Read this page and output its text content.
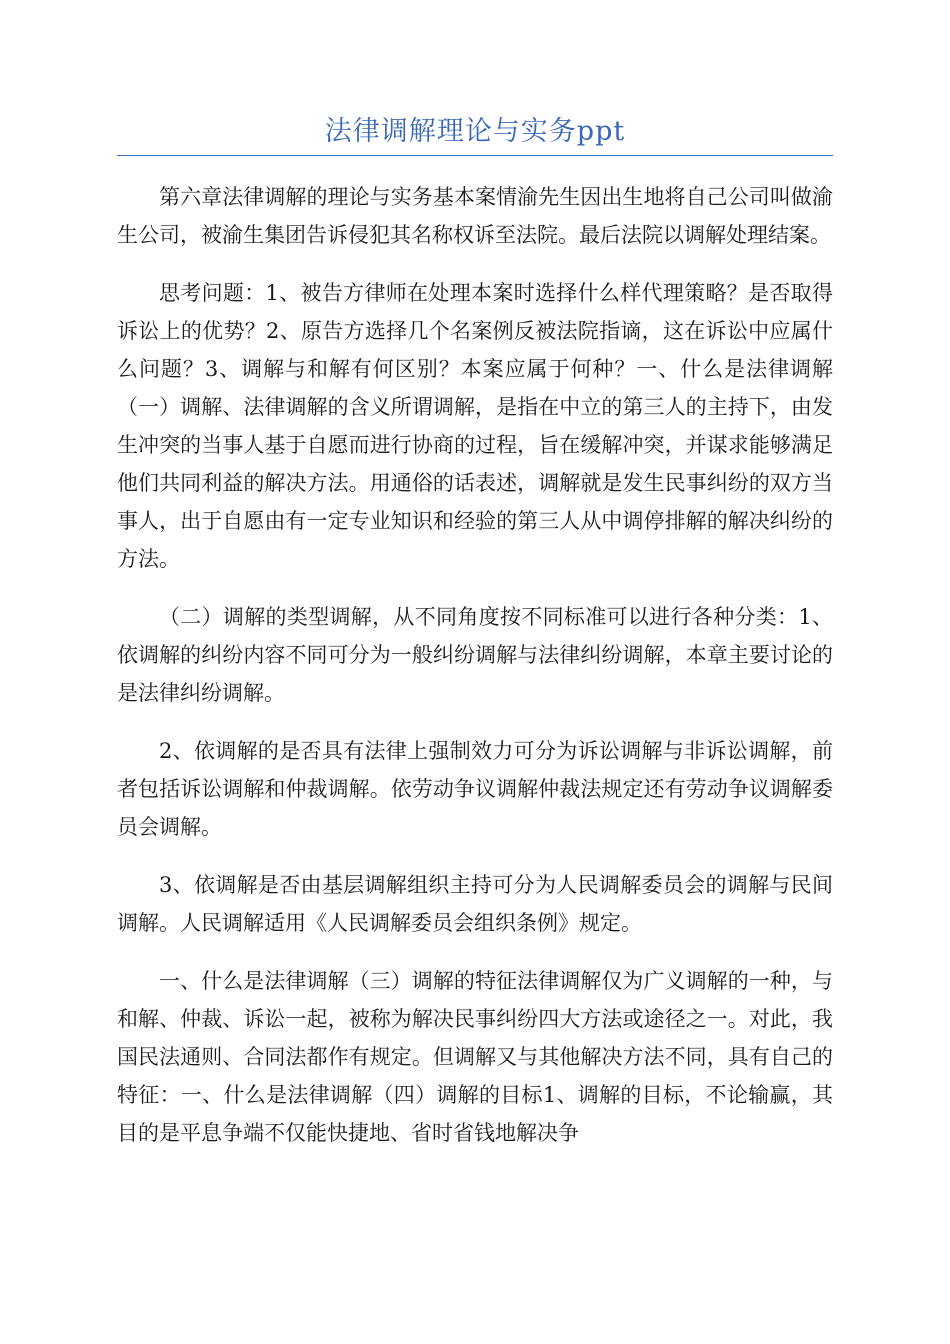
法律调解理论与实务ppt

第六章法律调解的理论与实务基本案情渝先生因出生地将自己公司叫做渝生公司，被渝生集团告诉侵犯其名称权诉至法院。最后法院以调解处理结案。

思考问题：1、被告方律师在处理本案时选择什么样代理策略？是否取得诉讼上的优势？2、原告方选择几个名案例反被法院指谪，这在诉讼中应属什么问题？3、调解与和解有何区别？本案应属于何种？一、什么是法律调解（一）调解、法律调解的含义所谓调解，是指在中立的第三人的主持下，由发生冲突的当事人基于自愿而进行协商的过程，旨在缓解冲突，并谋求能够满足他们共同利益的解决方法。用通俗的话表述，调解就是发生民事纠纷的双方当事人，出于自愿由有一定专业知识和经验的第三人从中调停排解的解决纠纷的方法。

（二）调解的类型调解，从不同角度按不同标准可以进行各种分类：1、依调解的纠纷内容不同可分为一般纠纷调解与法律纠纷调解，本章主要讨论的是法律纠纷调解。

2、依调解的是否具有法律上强制效力可分为诉讼调解与非诉讼调解，前者包括诉讼调解和仲裁调解。依劳动争议调解仲裁法规定还有劳动争议调解委员会调解。

3、依调解是否由基层调解组织主持可分为人民调解委员会的调解与民间调解。人民调解适用《人民调解委员会组织条例》规定。

一、什么是法律调解（三）调解的特征法律调解仅为广义调解的一种，与和解、仲裁、诉讼一起，被称为解决民事纠纷四大方法或途径之一。对此，我国民法通则、合同法都作有规定。但调解又与其他解决方法不同，具有自己的特征：一、什么是法律调解（四）调解的目标1、调解的目标，不论输赢，其目的是平息争端不仅能快捷地、省时省钱地解决争
